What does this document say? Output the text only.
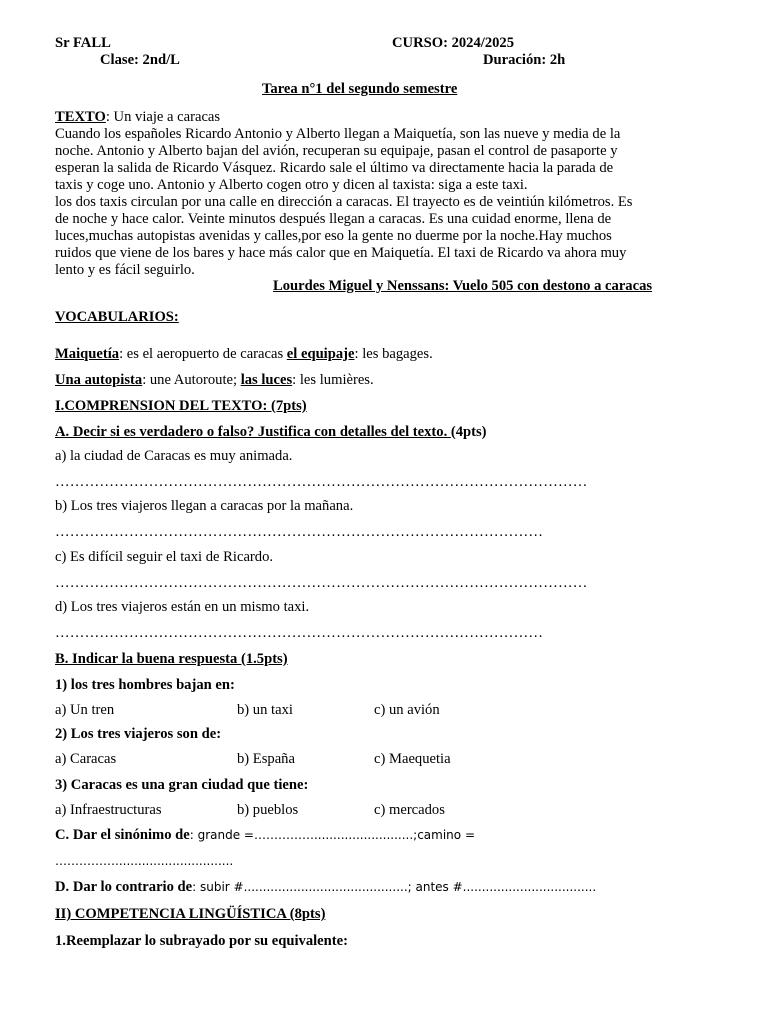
Sr FALL	CURSO: 2024/2025
Clase: 2nd/L	Duración: 2h
Tarea n°1 del segundo semestre
TEXTO: Un viaje a caracas
Cuando los españoles Ricardo Antonio y Alberto llegan a Maiquetía, son las nueve y media de la
noche. Antonio y Alberto bajan del avión, recuperan su equipaje, pasan el control de pasaporte y
esperan la salida de Ricardo Vásquez. Ricardo sale el último va directamente hacia la parada de
taxis y coge uno. Antonio y Alberto cogen otro y dicen al taxista: siga a este taxi.
los dos taxis circulan por una calle en dirección a caracas. El trayecto es de veintiún kilómetros. Es
de noche y hace calor. Veinte minutos después llegan a caracas. Es una cuidad enorme, llena de
luces,muchas autopistas avenidas y calles,por eso la gente no duerme por la noche.Hay muchos
ruidos que viene de los bares y hace más calor que en Maiquetía. El taxi de Ricardo va ahora muy
lento y es fácil seguirlo.
Lourdes Miguel y Nenssans: Vuelo 505 con destono a caracas
VOCABULARIOS:
Maiquetía: es el aeropuerto de caracas el equipaje: les bagages.
Una autopista: une Autoroute; las luces: les lumières.
I.COMPRENSION DEL TEXTO: (7pts)
A. Decir si es verdadero o falso? Justifica con detalles del texto. (4pts)
a) la ciudad de Caracas es muy animada.
………………………………………………………………………………………………
b) Los tres viajeros llegan a caracas por la mañana.
………………………………………………………………………………………
c) Es difícil seguir el taxi de Ricardo.
………………………………………………………………………………………………
d) Los tres viajeros están en un mismo taxi.
………………………………………………………………………………………
B. Indicar la buena respuesta (1.5pts)
1) los tres hombres bajan en:
a) Un tren	b) un taxi	c) un avión
2) Los tres viajeros son de:
a) Caracas	b) España	c) Maequetia
3) Caracas es una gran ciudad que tiene:
a) Infraestructuras	b) pueblos	c) mercados
C. Dar el sinónimo de: grande =……………..........................;camino =
……………...............................
D. Dar lo contrario de: subir #...........................................; antes #...................................
II) COMPETENCIA LINGÜÍSTICA (8pts)
1.Reemplazar lo subrayado por su equivalente:
